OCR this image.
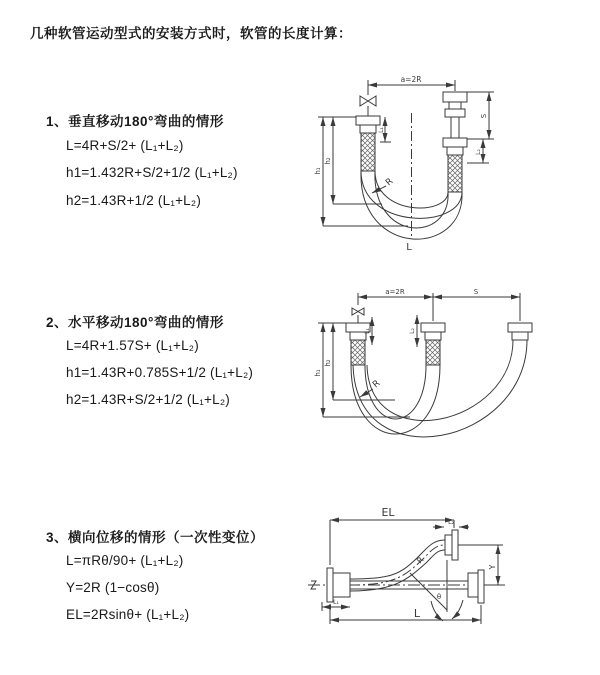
几种软管运动型式的安装方式时，软管的长度计算：
1、垂直移动180°弯曲的情形
L=4R+S/2+ (L₁+L₂)
h1=1.432R+S/2+1/2 (L₁+L₂)
h2=1.43R+1/2 (L₁+L₂)
2、水平移动180°弯曲的情形
L=4R+1.57S+ (L₁+L₂)
h1=1.43R+0.785S+1/2 (L₁+L₂)
h2=1.43R+S/2+1/2 (L₁+L₂)
3、横向位移的情形（一次性变位）
L=πRθ/90+ (L₁+L₂)
Y=2R (1−cosθ)
EL=2Rsinθ+ (L₁+L₂)
a=2R
h₁
h₂
L₁
S
L₂
R
L
a=2R	S
h₁
h₂
L₁	L₂
R
EL
L₂
Y
R
θ
L
L₁
